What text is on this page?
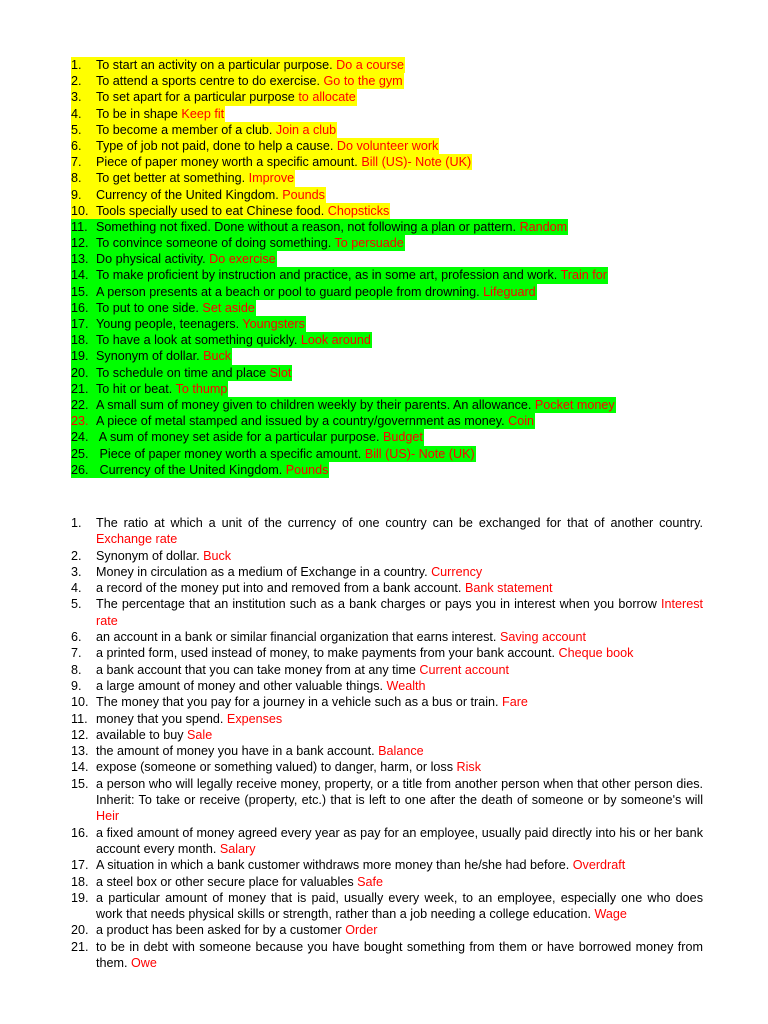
1. To start an activity on a particular purpose. Do a course
2. To attend a sports centre to do exercise. Go to the gym
3. To set apart for a particular purpose to allocate
4. To be in shape Keep fit
5. To become a member of a club. Join a club
6. Type of job not paid, done to help a cause. Do volunteer work
7. Piece of paper money worth a specific amount. Bill (US)- Note (UK)
8. To get better at something. Improve
9. Currency of the United Kingdom. Pounds
10. Tools specially used to eat Chinese food. Chopsticks
11. Something not fixed. Done without a reason, not following a plan or pattern. Random
12. To convince someone of doing something. To persuade
13. Do physical activity. Do exercise
14. To make proficient by instruction and practice, as in some art, profession and work. Train for
15. A person presents at a beach or pool to guard people from drowning. Lifeguard
16. To put to one side. Set aside
17. Young people, teenagers. Youngsters
18. To have a look at something quickly. Look around
19. Synonym of dollar. Buck
20. To schedule on time and place Slot
21. To hit or beat. To thump
22. A small sum of money given to children weekly by their parents. An allowance. Pocket money
23. A piece of metal stamped and issued by a country/government as money. Coin
24. A sum of money set aside for a particular purpose. Budget
25. Piece of paper money worth a specific amount. Bill (US)- Note (UK)
26. Currency of the United Kingdom. Pounds
1.	The ratio at which a unit of the currency of one country can be exchanged for that of another country. Exchange rate
2.	Synonym of dollar. Buck
3.	Money in circulation as a medium of Exchange in a country. Currency
4.	a record of the money put into and removed from a bank account. Bank statement
5.	The percentage that an institution such as a bank charges or pays you in interest when you borrow Interest rate
6.	an account in a bank or similar financial organization that earns interest. Saving account
7.	a printed form, used instead of money, to make payments from your bank account. Cheque book
8.	a bank account that you can take money from at any time Current account
9.	a large amount of money and other valuable things. Wealth
10. The money that you pay for a journey in a vehicle such as a bus or train. Fare
11. money that you spend. Expenses
12. available to buy Sale
13. the amount of money you have in a bank account. Balance
14. expose (someone or something valued) to danger, harm, or loss Risk
15. a person who will legally receive money, property, or a title from another person when that other person dies. Inherit: To take or receive (property, etc.) that is left to one after the death of someone or by someone's will Heir
16. a fixed amount of money agreed every year as pay for an employee, usually paid directly into his or her bank account every month. Salary
17. A situation in which a bank customer withdraws more money than he/she had before. Overdraft
18. a steel box or other secure place for valuables Safe
19. a particular amount of money that is paid, usually every week, to an employee, especially one who does work that needs physical skills or strength, rather than a job needing a college education. Wage
20. a product has been asked for by a customer Order
21. to be in debt with someone because you have bought something from them or have borrowed money from them. Owe
